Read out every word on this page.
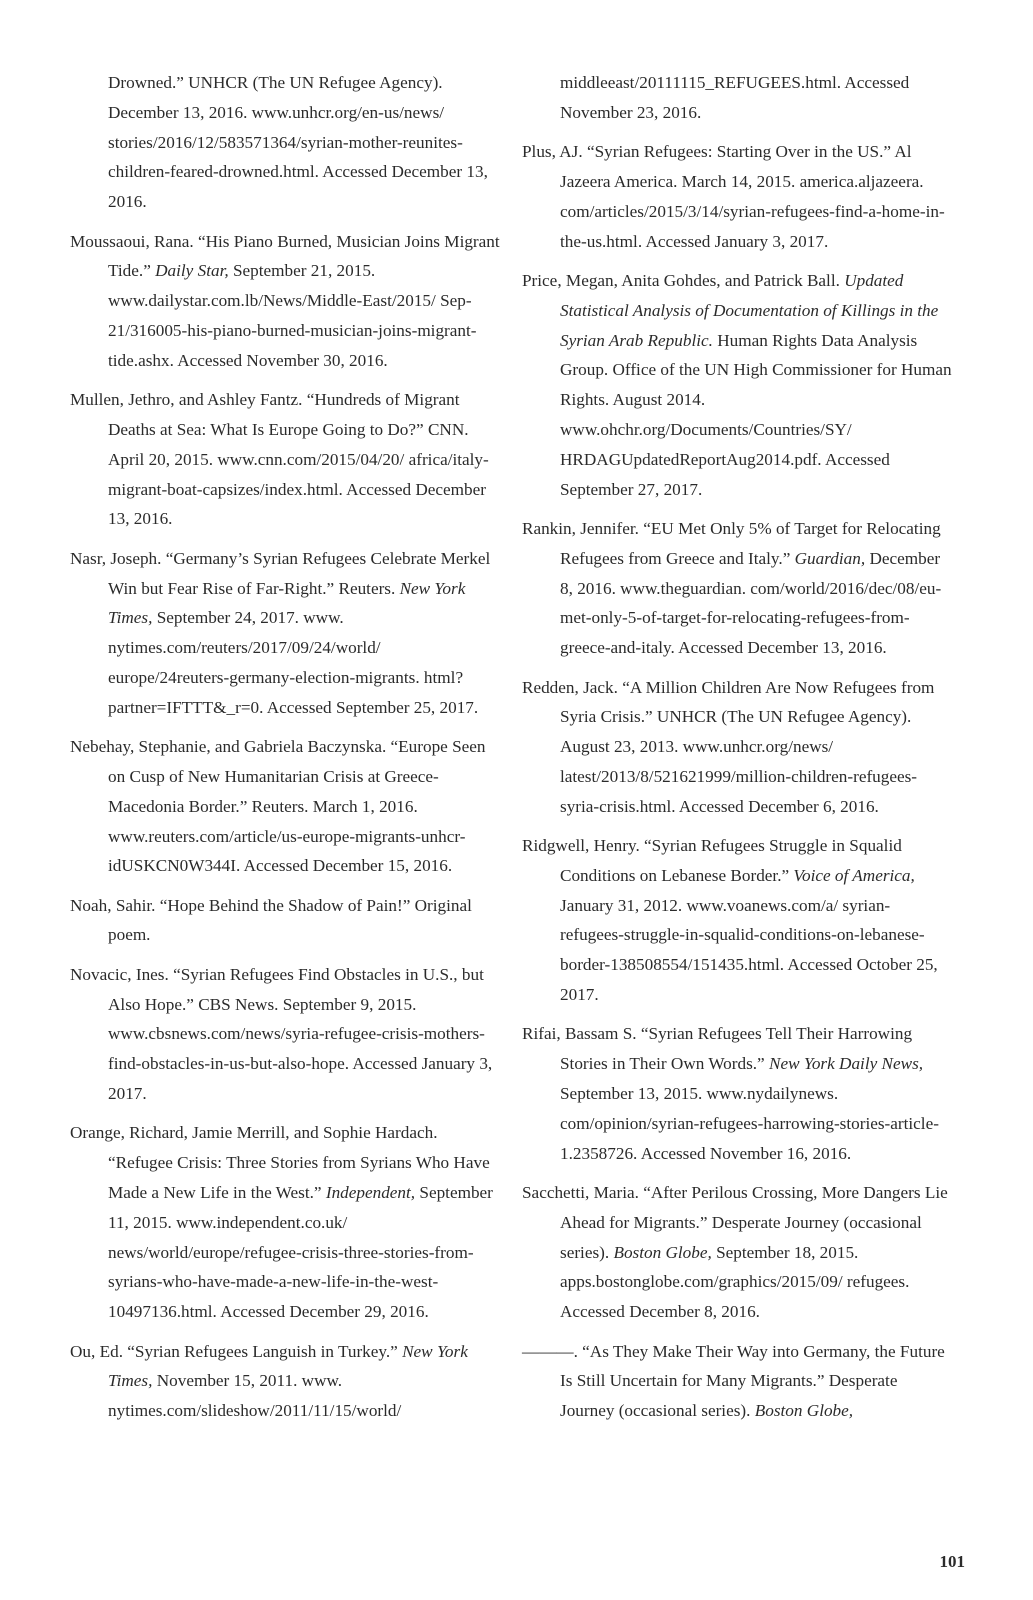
Drowned.” UNHCR (The UN Refugee Agency). December 13, 2016. www.unhcr.org/en-us/news/ stories/2016/12/583571364/syrian-mother-reunites-children-feared-drowned.html. Accessed December 13, 2016.

Moussaoui, Rana. “His Piano Burned, Musician Joins Migrant Tide.” Daily Star, September 21, 2015. www.dailystar.com.lb/News/Middle-East/2015/ Sep-21/316005-his-piano-burned-musician-joins-migrant-tide.ashx. Accessed November 30, 2016.

Mullen, Jethro, and Ashley Fantz. “Hundreds of Migrant Deaths at Sea: What Is Europe Going to Do?” CNN. April 20, 2015. www.cnn.com/2015/04/20/ africa/italy-migrant-boat-capsizes/index.html. Accessed December 13, 2016.

Nasr, Joseph. “Germany’s Syrian Refugees Celebrate Merkel Win but Fear Rise of Far-Right.” Reuters. New York Times, September 24, 2017. www. nytimes.com/reuters/2017/09/24/world/ europe/24reuters-germany-election-migrants. html?partner=IFTTT&_r=0. Accessed September 25, 2017.

Nebehay, Stephanie, and Gabriela Baczynska. “Europe Seen on Cusp of New Humanitarian Crisis at Greece-Macedonia Border.” Reuters. March 1, 2016. www.reuters.com/article/us-europe-migrants-unhcr-idUSKCN0W344I. Accessed December 15, 2016.

Noah, Sahir. “Hope Behind the Shadow of Pain!” Original poem.

Novacic, Ines. “Syrian Refugees Find Obstacles in U.S., but Also Hope.” CBS News. September 9, 2015. www.cbsnews.com/news/syria-refugee-crisis-mothers-find-obstacles-in-us-but-also-hope. Accessed January 3, 2017.

Orange, Richard, Jamie Merrill, and Sophie Hardach. “Refugee Crisis: Three Stories from Syrians Who Have Made a New Life in the West.” Independent, September 11, 2015. www.independent.co.uk/ news/world/europe/refugee-crisis-three-stories-from-syrians-who-have-made-a-new-life-in-the-west-10497136.html. Accessed December 29, 2016.

Ou, Ed. “Syrian Refugees Languish in Turkey.” New York Times, November 15, 2011. www. nytimes.com/slideshow/2011/11/15/world/

middleeast/20111115_REFUGEES.html. Accessed November 23, 2016.

Plus, AJ. “Syrian Refugees: Starting Over in the US.” Al Jazeera America. March 14, 2015. america.aljazeera. com/articles/2015/3/14/syrian-refugees-find-a-home-in-the-us.html. Accessed January 3, 2017.

Price, Megan, Anita Gohdes, and Patrick Ball. Updated Statistical Analysis of Documentation of Killings in the Syrian Arab Republic. Human Rights Data Analysis Group. Office of the UN High Commissioner for Human Rights. August 2014. www.ohchr.org/Documents/Countries/SY/ HRDAGUpdatedReportAug2014.pdf. Accessed September 27, 2017.

Rankin, Jennifer. “EU Met Only 5% of Target for Relocating Refugees from Greece and Italy.” Guardian, December 8, 2016. www.theguardian. com/world/2016/dec/08/eu-met-only-5-of-target-for-relocating-refugees-from-greece-and-italy. Accessed December 13, 2016.

Redden, Jack. “A Million Children Are Now Refugees from Syria Crisis.” UNHCR (The UN Refugee Agency). August 23, 2013. www.unhcr.org/news/ latest/2013/8/521621999/million-children-refugees-syria-crisis.html. Accessed December 6, 2016.

Ridgwell, Henry. “Syrian Refugees Struggle in Squalid Conditions on Lebanese Border.” Voice of America, January 31, 2012. www.voanews.com/a/ syrian-refugees-struggle-in-squalid-conditions-on-lebanese-border-138508554/151435.html. Accessed October 25, 2017.

Rifai, Bassam S. “Syrian Refugees Tell Their Harrowing Stories in Their Own Words.” New York Daily News, September 13, 2015. www.nydailynews. com/opinion/syrian-refugees-harrowing-stories-article-1.2358726. Accessed November 16, 2016.

Sacchetti, Maria. “After Perilous Crossing, More Dangers Lie Ahead for Migrants.” Desperate Journey (occasional series). Boston Globe, September 18, 2015. apps.bostonglobe.com/graphics/2015/09/ refugees. Accessed December 8, 2016.

———. “As They Make Their Way into Germany, the Future Is Still Uncertain for Many Migrants.” Desperate Journey (occasional series). Boston Globe,

101
